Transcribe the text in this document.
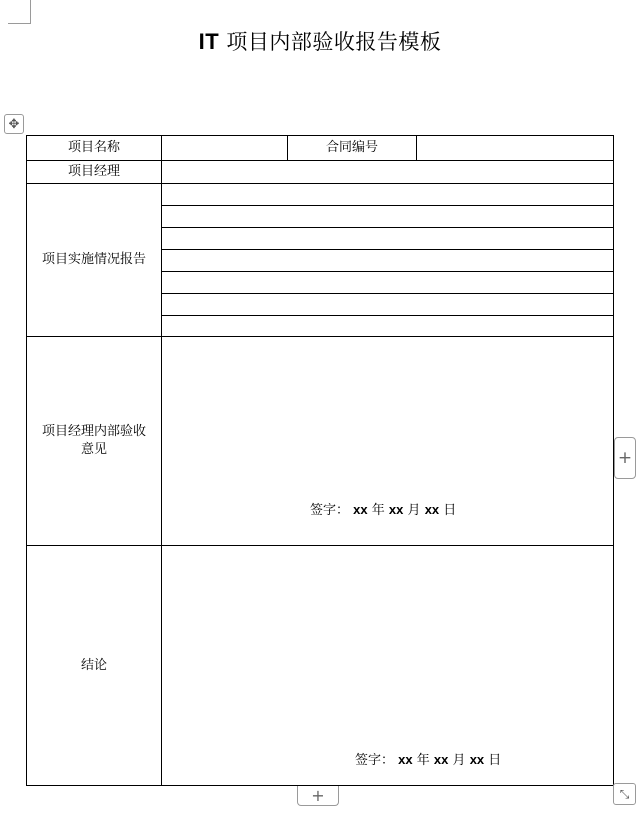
IT 项目内部验收报告模板
✥
项目名称		合同编号	
项目经理			
项目实施情况报告			

项目经理内部验收
意见	签字： xx 年 xx 月 xx 日		

结论	签字： xx 年 xx 月 xx 日		
+
+	⤡
